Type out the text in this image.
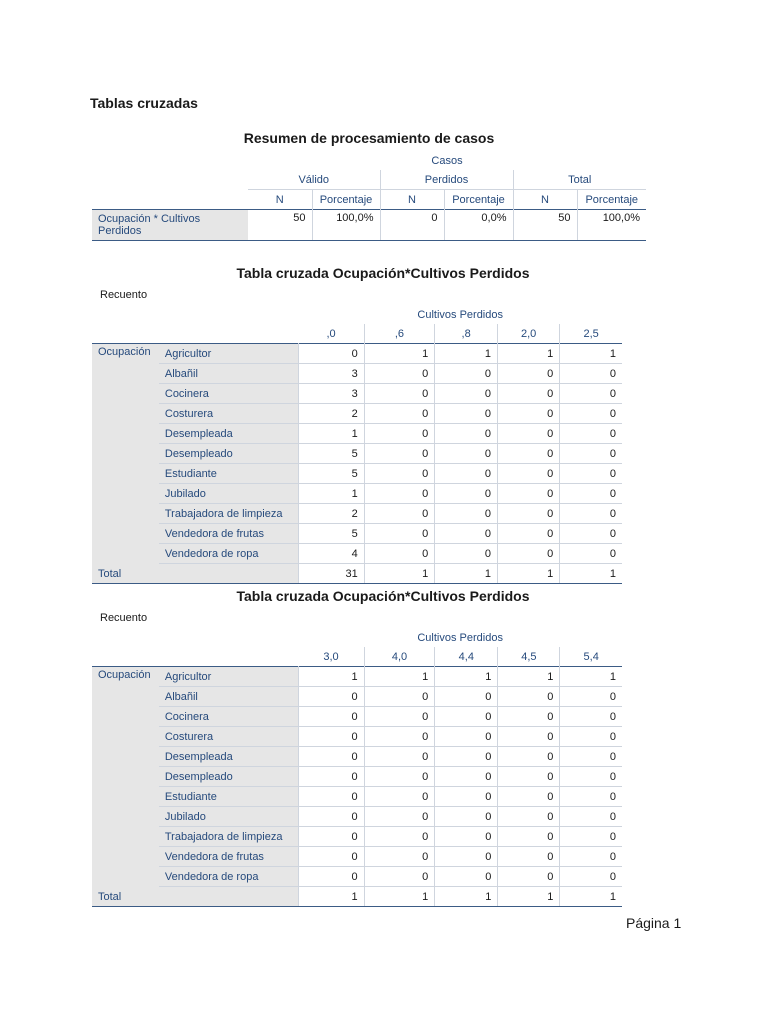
Tablas cruzadas
Resumen de procesamiento de casos
	Casos					
	Válido		Perdidos		Total	
	N	Porcentaje	N	Porcentaje	N	Porcentaje
Ocupación * Cultivos Perdidos	50	100,0%	0	0,0%	50	100,0%
Tabla cruzada Ocupación*Cultivos Perdidos
Recuento
		Cultivos Perdidos				
		,0	,6	,8	2,0	2,5
Ocupación	Agricultor	0	1	1	1	1
	Albañil	3	0	0	0	0
	Cocinera	3	0	0	0	0
	Costurera	2	0	0	0	0
	Desempleada	1	0	0	0	0
	Desempleado	5	0	0	0	0
	Estudiante	5	0	0	0	0
	Jubilado	1	0	0	0	0
	Trabajadora de limpieza	2	0	0	0	0
	Vendedora de frutas	5	0	0	0	0
	Vendedora de ropa	4	0	0	0	0
Total		31	1	1	1	1
Tabla cruzada Ocupación*Cultivos Perdidos
Recuento
		Cultivos Perdidos				
		3,0	4,0	4,4	4,5	5,4
Ocupación	Agricultor	1	1	1	1	1
	Albañil	0	0	0	0	0
	Cocinera	0	0	0	0	0
	Costurera	0	0	0	0	0
	Desempleada	0	0	0	0	0
	Desempleado	0	0	0	0	0
	Estudiante	0	0	0	0	0
	Jubilado	0	0	0	0	0
	Trabajadora de limpieza	0	0	0	0	0
	Vendedora de frutas	0	0	0	0	0
	Vendedora de ropa	0	0	0	0	0
Total		1	1	1	1	1
Página 1
